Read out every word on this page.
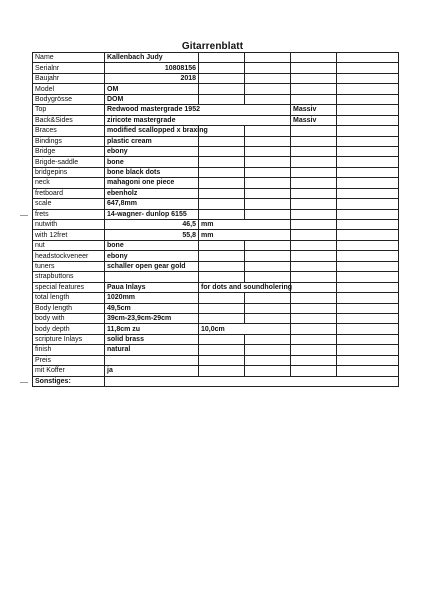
Gitarrenblatt
Name	Kallenbach Judy				
Serialnr	10808156				
Baujahr	2018				
Model	OM				
Bodygrösse	DOM				
Top	Redwood mastergrade 1952			Massiv	
Back&Sides	ziricote mastergrade			Massiv	
Braces	modified scallopped x braxing				
Bindings	plastic cream				
Bridge	ebony				
Brigde-saddle	bone				
bridgepins	bone black dots				
neck	mahagoni one piece				
fretboard	ebenholz				
scale	647,8mm				
frets	14-wagner- dunlop 6155				
nutwith	46,5	mm			
with 12fret	55,8	mm			
nut	bone				
headstockveneer	ebony				
tuners	schaller open gear gold				
strapbuttons					
special features	Paua Inlays	for dots and soundholering			
total length	1020mm				
Body length	49,5cm				
body with	39cm-23,9cm-29cm				
body depth	11,8cm zu	10,0cm			
scripture Inlays	solid brass				
finish	natural				
Preis					
mit Koffer	ja				
Sonstiges:					
